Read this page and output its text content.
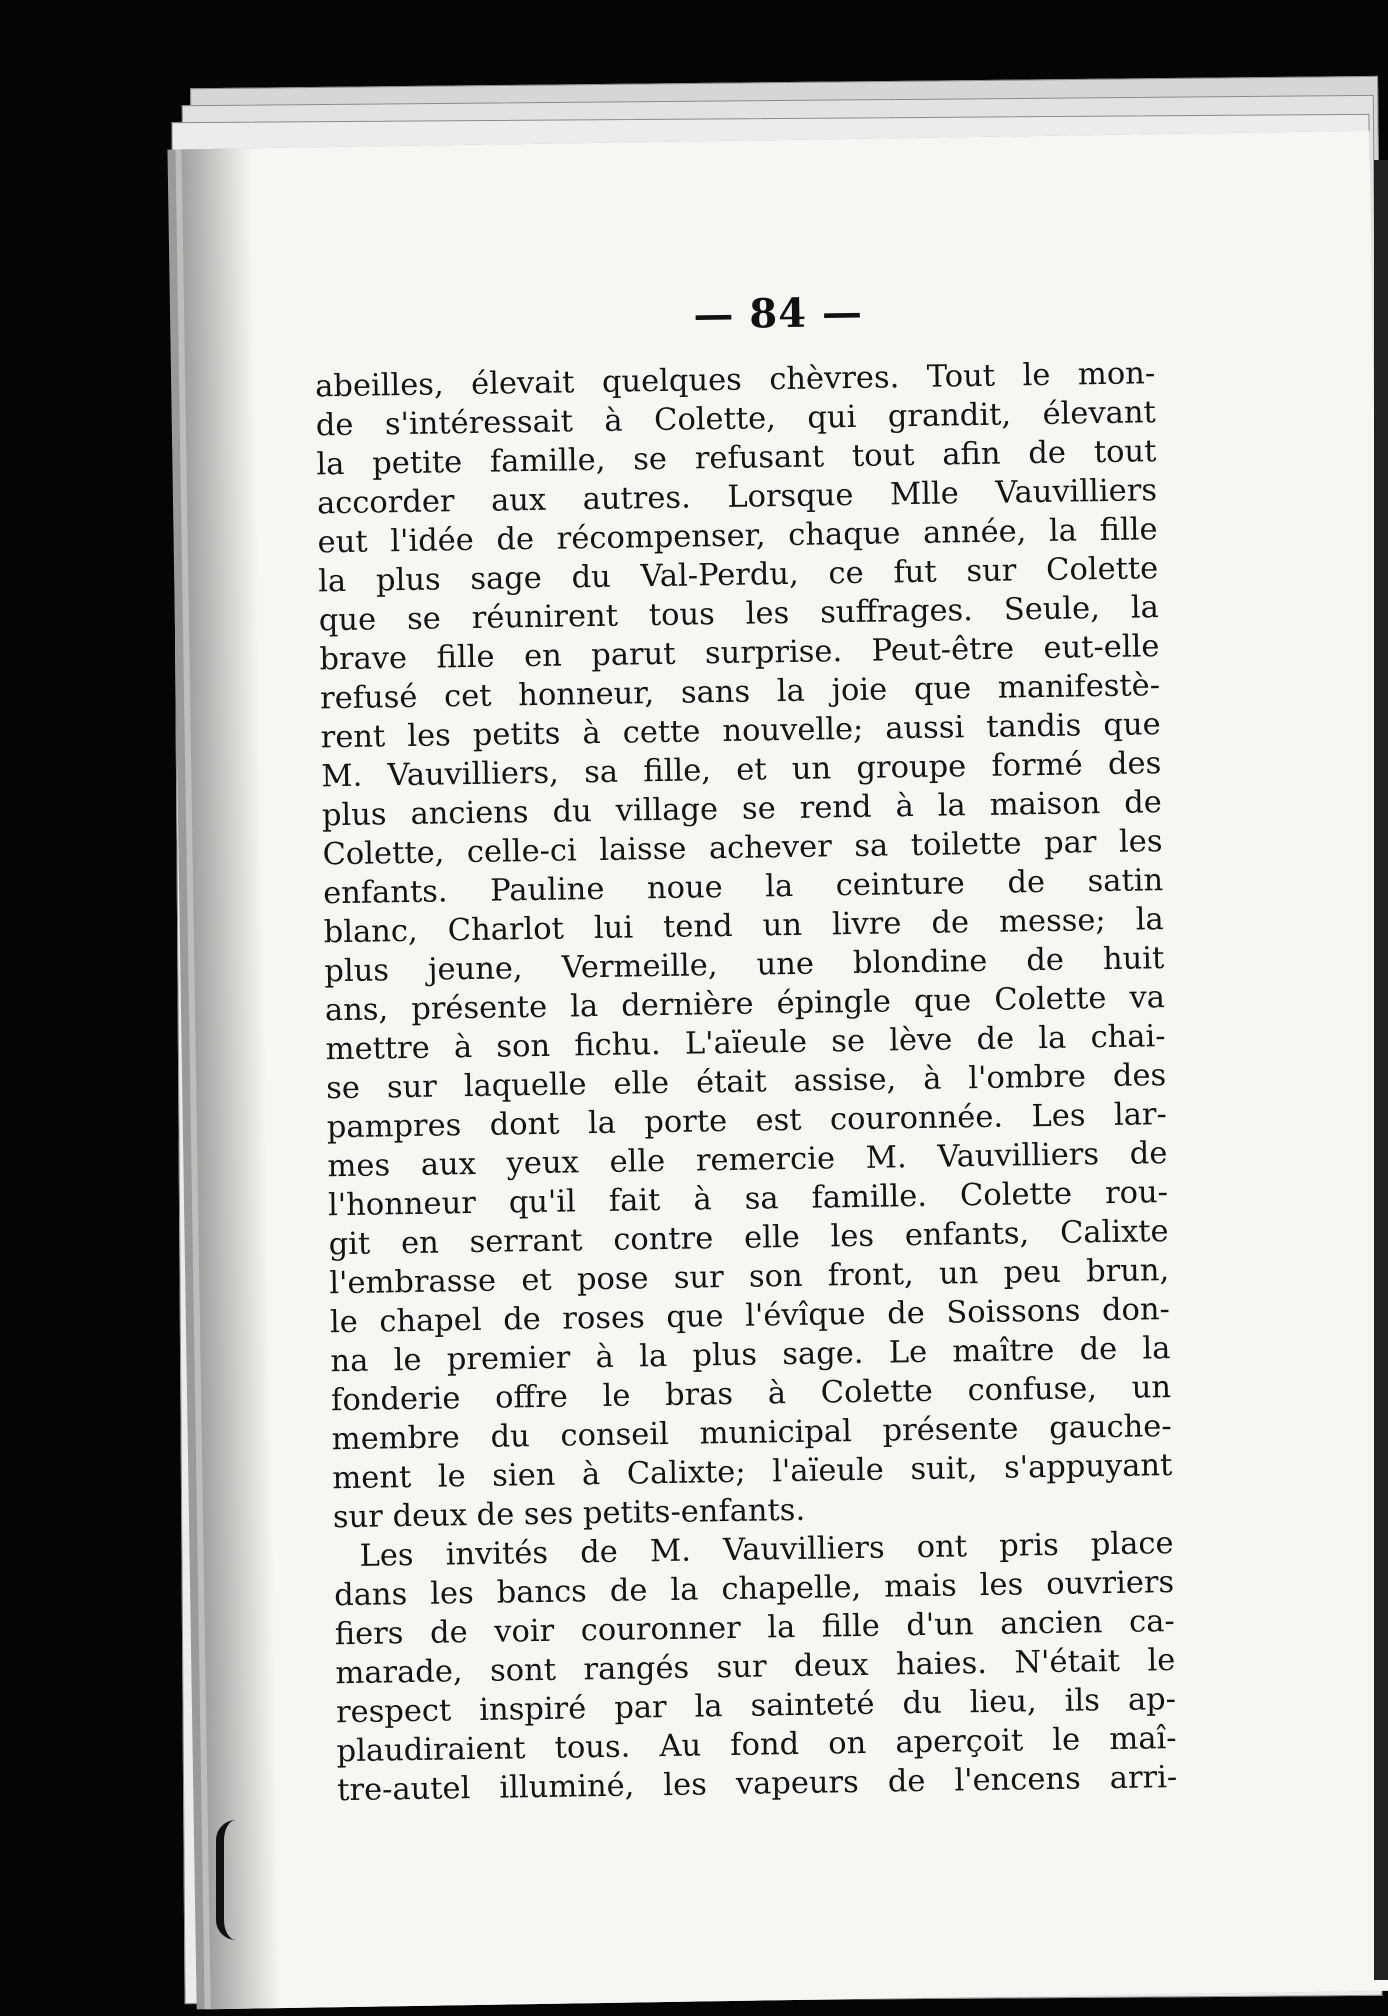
— 84 —
abeilles, élevait quelques chèvres. Tout le mon-
de s'intéressait à Colette, qui grandit, élevant
la petite famille, se refusant tout afin de tout
accorder aux autres. Lorsque Mlle Vauvilliers
eut l'idée de récompenser, chaque année, la fille
la plus sage du Val-Perdu, ce fut sur Colette
que se réunirent tous les suffrages. Seule, la
brave fille en parut surprise. Peut-être eut-elle
refusé cet honneur, sans la joie que manifestè-
rent les petits à cette nouvelle; aussi tandis que
M. Vauvilliers, sa fille, et un groupe formé des
plus anciens du village se rend à la maison de
Colette, celle-ci laisse achever sa toilette par les
enfants. Pauline noue la ceinture de satin
blanc, Charlot lui tend un livre de messe; la
plus jeune, Vermeille, une blondine de huit
ans, présente la dernière épingle que Colette va
mettre à son fichu. L'aïeule se lève de la chai-
se sur laquelle elle était assise, à l'ombre des
pampres dont la porte est couronnée. Les lar-
mes aux yeux elle remercie M. Vauvilliers de
l'honneur qu'il fait à sa famille. Colette rou-
git en serrant contre elle les enfants, Calixte
l'embrasse et pose sur son front, un peu brun,
le chapel de roses que l'évîque de Soissons don-
na le premier à la plus sage. Le maître de la
fonderie offre le bras à Colette confuse, un
membre du conseil municipal présente gauche-
ment le sien à Calixte; l'aïeule suit, s'appuyant
sur deux de ses petits-enfants.
Les invités de M. Vauvilliers ont pris place
dans les bancs de la chapelle, mais les ouvriers
fiers de voir couronner la fille d'un ancien ca-
marade, sont rangés sur deux haies. N'était le
respect inspiré par la sainteté du lieu, ils ap-
plaudiraient tous. Au fond on aperçoit le maî-
tre-autel illuminé, les vapeurs de l'encens arri-
